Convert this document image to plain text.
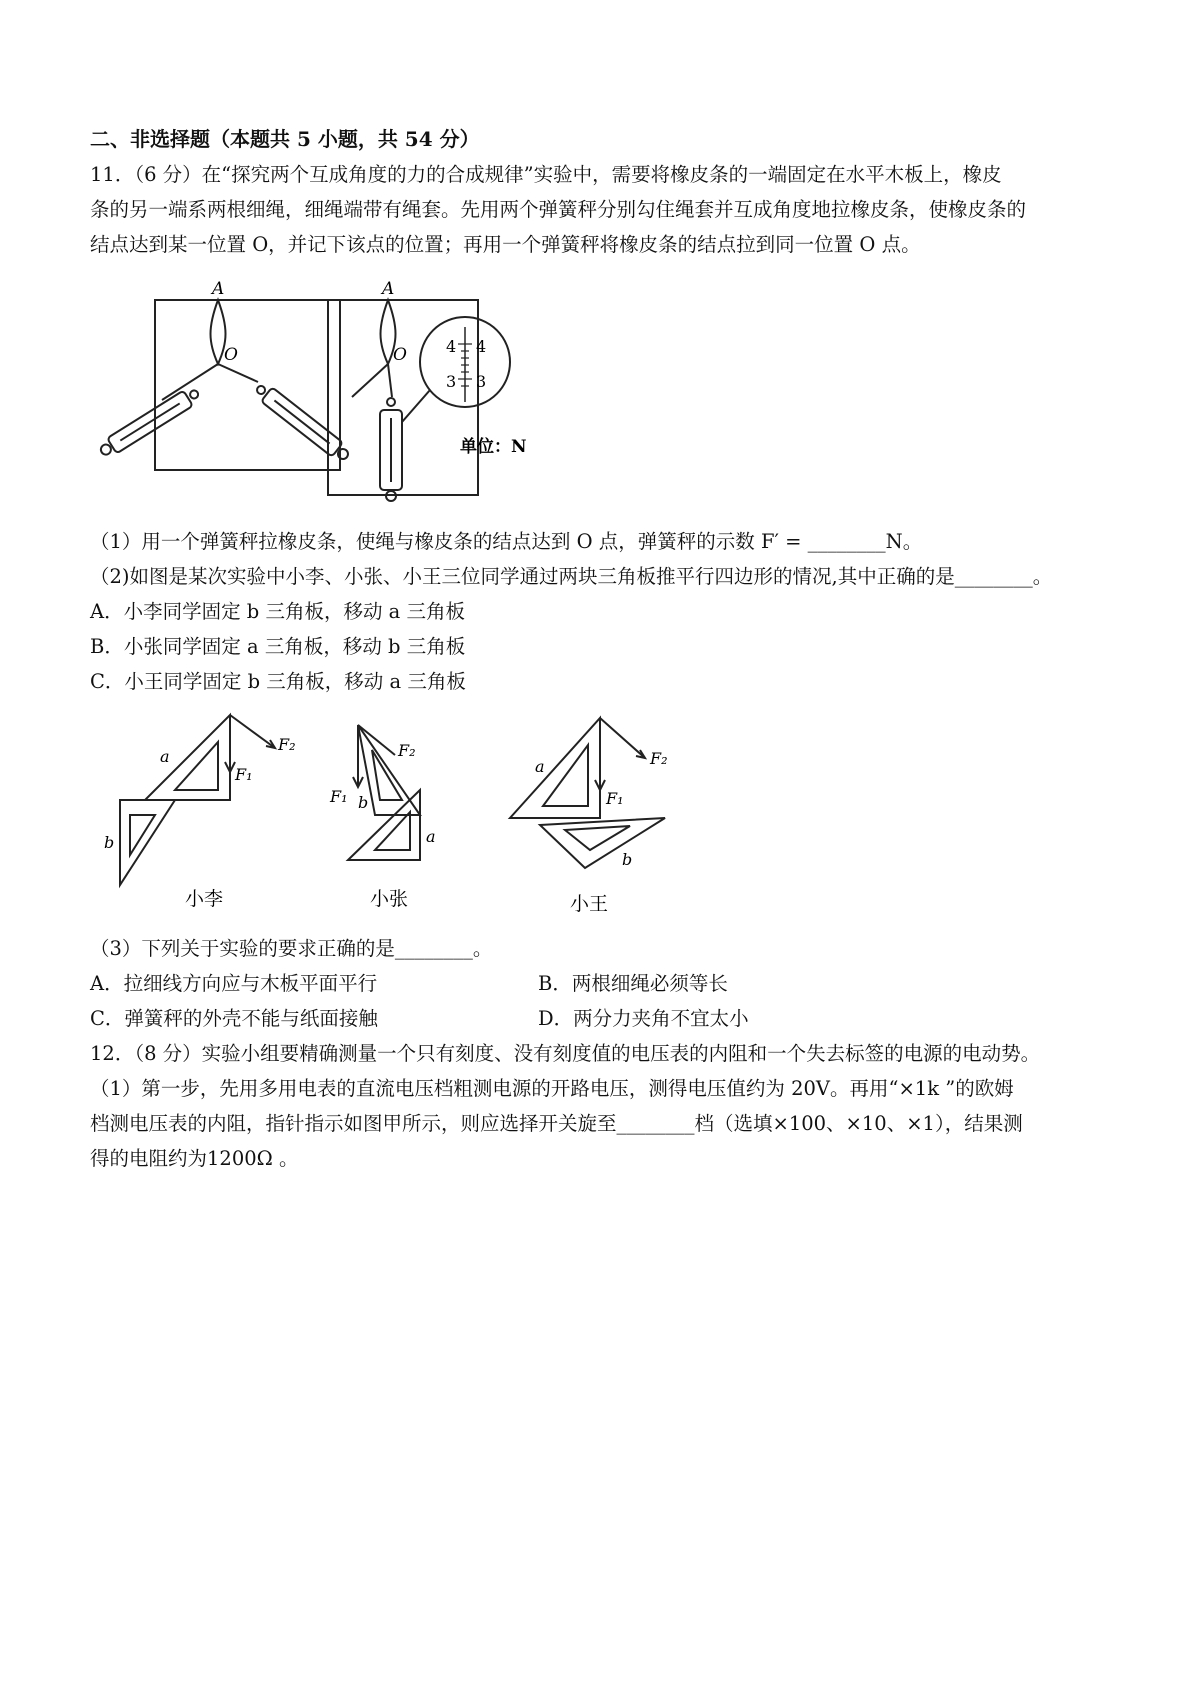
二、非选择题（本题共 5 小题，共 54 分）
11．（6 分）在“探究两个互成角度的力的合成规律”实验中，需要将橡皮条的一端固定在水平木板上，橡皮
条的另一端系两根细绳，细绳端带有绳套。先用两个弹簧秤分别勾住绳套并互成角度地拉橡皮条，使橡皮条的
结点达到某一位置 O，并记下该点的位置；再用一个弹簧秤将橡皮条的结点拉到同一位置 O 点。
A
O
A
O 4 4
3 3
单位：N
（1）用一个弹簧秤拉橡皮条，使绳与橡皮条的结点达到 O 点，弹簧秤的示数 F′ = ________N。
（2)如图是某次实验中小李、小张、小王三位同学通过两块三角板推平行四边形的情况,其中正确的是________。
A．小李同学固定 b 三角板，移动 a 三角板
B．小张同学固定 a 三角板，移动 b 三角板
C．小王同学固定 b 三角板，移动 a 三角板
a
b
F₁
F₂
a
b
F₁
F₂
a
b
F₁
F₂
小李	小张	小王
（3）下列关于实验的要求正确的是________。
A．拉细线方向应与木板平面平行	B．两根细绳必须等长
C．弹簧秤的外壳不能与纸面接触	D．两分力夹角不宜太小
12．（8 分）实验小组要精确测量一个只有刻度、没有刻度值的电压表的内阻和一个失去标签的电源的电动势。
（1）第一步，先用多用电表的直流电压档粗测电源的开路电压，测得电压值约为 20V。再用“×1k ”的欧姆
档测电压表的内阻，指针指示如图甲所示，则应选择开关旋至________档（选填×100、×10、×1），结果测
得的电阻约为1200Ω 。
